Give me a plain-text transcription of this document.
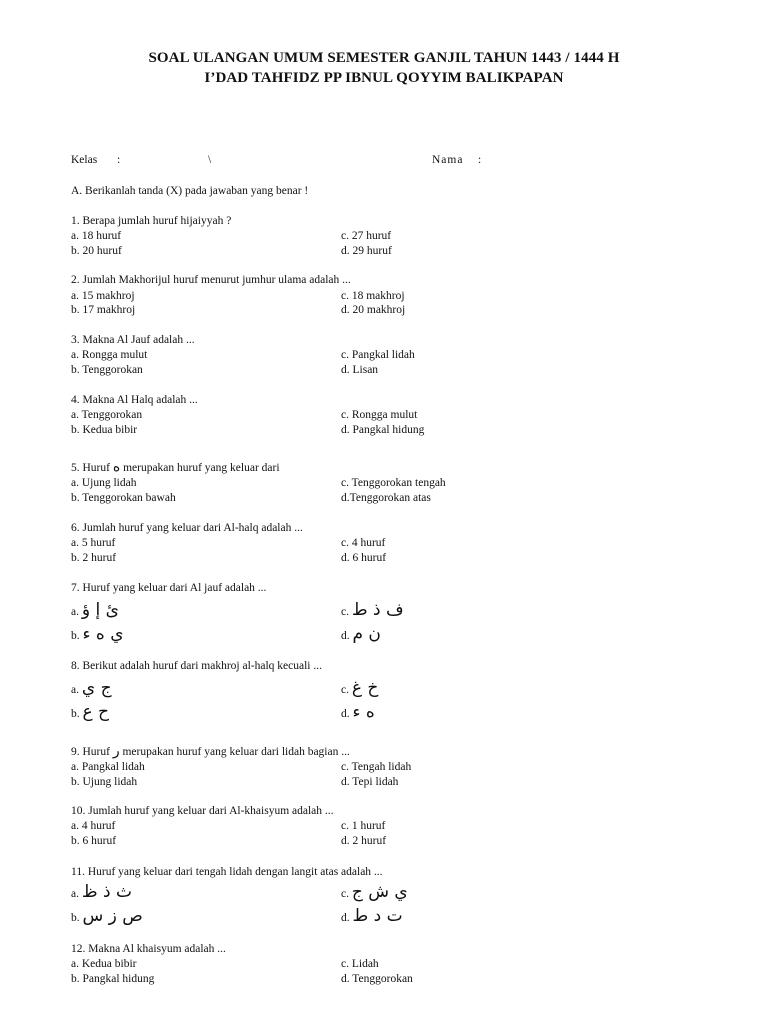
SOAL ULANGAN UMUM SEMESTER GANJIL TAHUN 1443 / 1444 H
I’DAD TAHFIDZ PP IBNUL QOYYIM BALIKPAPAN
Kelas :	\	Nama :
A. Berikanlah tanda (X) pada jawaban yang benar !
1. Berapa jumlah huruf hijaiyyah ?
a. 18 huruf	c. 27 huruf
b. 20 huruf	d. 29 huruf
2. Jumlah Makhorijul huruf menurut jumhur ulama adalah ...
a. 15 makhroj	c. 18 makhroj
b. 17 makhroj	d. 20 makhroj
3. Makna Al Jauf adalah ...
a. Rongga mulut	c. Pangkal lidah
b. Tenggorokan	d. Lisan
4. Makna Al Halq adalah ...
a. Tenggorokan	c. Rongga mulut
b. Kedua bibir	d. Pangkal hidung
5. Huruf ه merupakan huruf yang keluar dari
a. Ujung lidah	c. Tenggorokan tengah
b. Tenggorokan bawah	d.Tenggorokan atas
6. Jumlah huruf yang keluar dari Al-halq adalah ...
a. 5 huruf	c. 4 huruf
b. 2 huruf	d. 6 huruf
7. Huruf yang keluar dari Al jauf adalah ...
a. ئ إ ؤ	c. ف ذ ط
b. ي ه ء	d. ن م
8. Berikut adalah huruf dari makhroj al-halq kecuali ...
a. ج ي	c. خ غ
b. ح ع	d. ه ء
9. Huruf ر merupakan huruf yang keluar dari lidah bagian ...
a. Pangkal lidah	c. Tengah lidah
b. Ujung lidah	d. Tepi lidah
10. Jumlah huruf yang keluar dari Al-khaisyum adalah ...
a. 4 huruf	c. 1 huruf
b. 6 huruf	d. 2 huruf
11. Huruf yang keluar dari tengah lidah dengan langit atas adalah ...
a. ث ذ ظ	c. ي ش ج
b. ص ز س	d. ت د ط
12. Makna Al khaisyum adalah ...
a. Kedua bibir	c. Lidah
b. Pangkal hidung	d. Tenggorokan
